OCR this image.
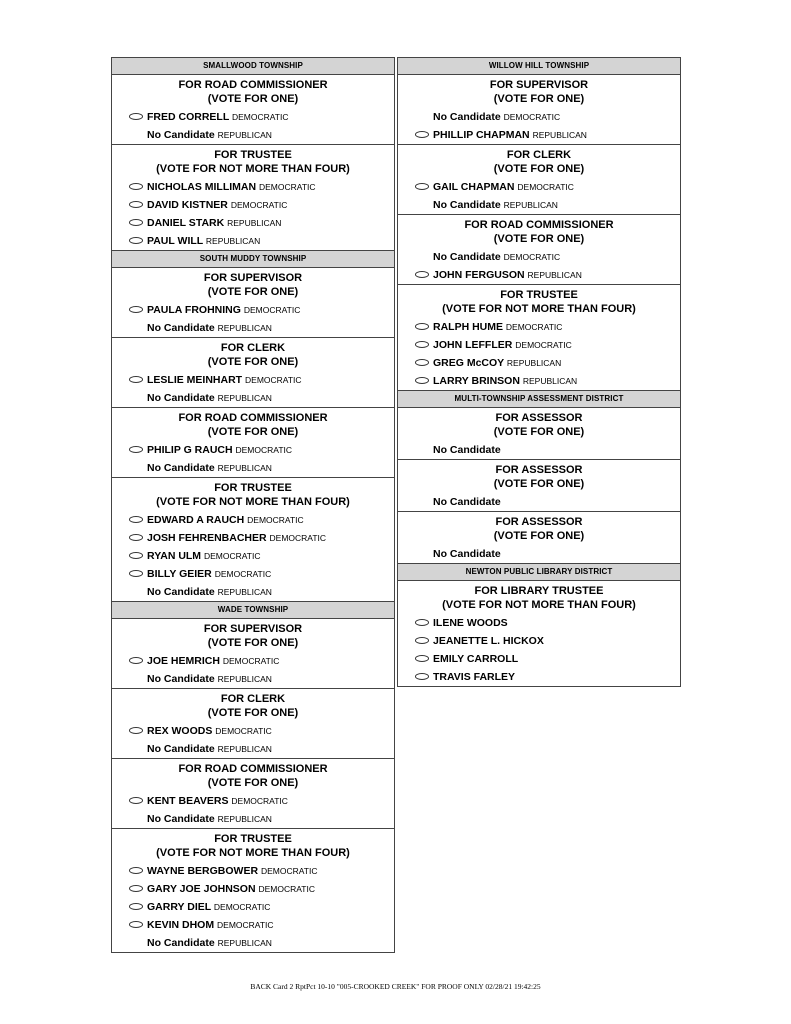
SMALLWOOD TOWNSHIP
FOR ROAD COMMISSIONER
(VOTE FOR ONE)
FRED CORRELL DEMOCRATIC
No Candidate REPUBLICAN
FOR TRUSTEE
(VOTE FOR NOT MORE THAN FOUR)
NICHOLAS MILLIMAN DEMOCRATIC
DAVID KISTNER DEMOCRATIC
DANIEL STARK REPUBLICAN
PAUL WILL REPUBLICAN
SOUTH MUDDY TOWNSHIP
FOR SUPERVISOR
(VOTE FOR ONE)
PAULA FROHNING DEMOCRATIC
No Candidate REPUBLICAN
FOR CLERK
(VOTE FOR ONE)
LESLIE MEINHART DEMOCRATIC
No Candidate REPUBLICAN
FOR ROAD COMMISSIONER
(VOTE FOR ONE)
PHILIP G RAUCH DEMOCRATIC
No Candidate REPUBLICAN
FOR TRUSTEE
(VOTE FOR NOT MORE THAN FOUR)
EDWARD A RAUCH DEMOCRATIC
JOSH FEHRENBACHER DEMOCRATIC
RYAN ULM DEMOCRATIC
BILLY GEIER DEMOCRATIC
No Candidate REPUBLICAN
WADE TOWNSHIP
FOR SUPERVISOR
(VOTE FOR ONE)
JOE HEMRICH DEMOCRATIC
No Candidate REPUBLICAN
FOR CLERK
(VOTE FOR ONE)
REX WOODS DEMOCRATIC
No Candidate REPUBLICAN
FOR ROAD COMMISSIONER
(VOTE FOR ONE)
KENT BEAVERS DEMOCRATIC
No Candidate REPUBLICAN
FOR TRUSTEE
(VOTE FOR NOT MORE THAN FOUR)
WAYNE BERGBOWER DEMOCRATIC
GARY JOE JOHNSON DEMOCRATIC
GARRY DIEL DEMOCRATIC
KEVIN DHOM DEMOCRATIC
No Candidate REPUBLICAN
WILLOW HILL TOWNSHIP
FOR SUPERVISOR
(VOTE FOR ONE)
No Candidate DEMOCRATIC
PHILLIP CHAPMAN REPUBLICAN
FOR CLERK
(VOTE FOR ONE)
GAIL CHAPMAN DEMOCRATIC
No Candidate REPUBLICAN
FOR ROAD COMMISSIONER
(VOTE FOR ONE)
No Candidate DEMOCRATIC
JOHN FERGUSON REPUBLICAN
FOR TRUSTEE
(VOTE FOR NOT MORE THAN FOUR)
RALPH HUME DEMOCRATIC
JOHN LEFFLER DEMOCRATIC
GREG McCOY REPUBLICAN
LARRY BRINSON REPUBLICAN
MULTI-TOWNSHIP ASSESSMENT DISTRICT
FOR ASSESSOR
(VOTE FOR ONE)
No Candidate
FOR ASSESSOR
(VOTE FOR ONE)
No Candidate
FOR ASSESSOR
(VOTE FOR ONE)
No Candidate
NEWTON PUBLIC LIBRARY DISTRICT
FOR LIBRARY TRUSTEE
(VOTE FOR NOT MORE THAN FOUR)
ILENE WOODS
JEANETTE L. HICKOX
EMILY CARROLL
TRAVIS FARLEY
BACK Card 2 RptPct 10-10 "005-CROOKED CREEK" FOR PROOF ONLY 02/28/21 19:42:25
